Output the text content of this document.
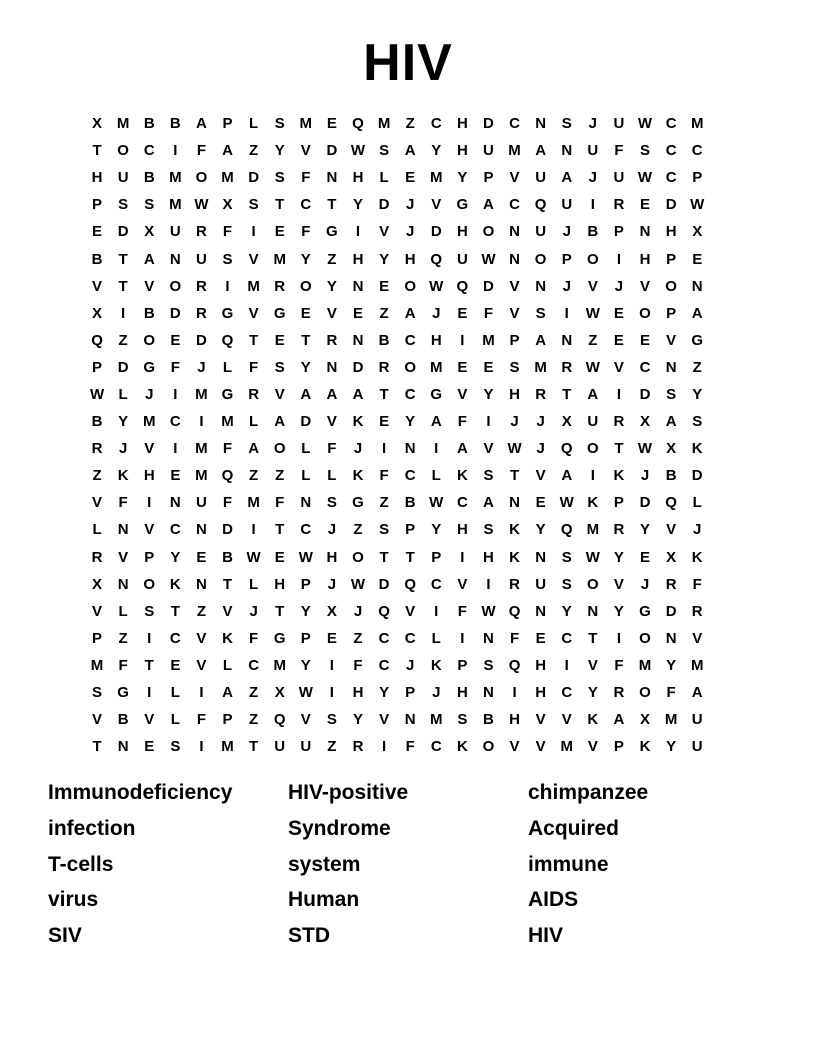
HIV
X M B	B	A	P	L	S M E	Q M	Z	C	H	D	C	N	S	J	U W C M
T	O C	I	F	A	Z	Y	V	D W S	A	Y	H	U M A	N	U	F	S	C	C
H	U	B M O M D	S	F	N	H	L	E M Y	P	V	U	A	J	U W C	P
P	S	S M W X	S	T	C	T	Y	D	J	V	G A	C Q U	I	R	E	D W
E	D	X	U	R	F	I	E	F	G	I	V	J	D	H O N	U	J	B	P	N	H	X
B	T	A	N	U	S	V M Y	Z	H	Y	H Q U W N O	P	O	I	H	P	E
V	T	V	O R	I	M R O	Y	N	E	O W Q D	V	N	J	V	J	V	O N
X	I	B	D	R G	V	G	E	V	E	Z	A	J	E	F	V	S	I	W E	O	P	A
Q	Z	O	E	D Q	T	E	T	R	N	B	C	H	I	M P	A	N	Z	E	E	V	G
P	D G	F	J	L	F	S	Y	N	D	R O M E	E	S M R W V	C	N	Z
W L	J	I	M G R	V	A	A	A	T	C G	V	Y	H	R	T	A	I	D	S	Y
B	Y M C	I	M	L	A	D	V	K	E	Y	A	F	I	J	J	X	U	R	X	A	S
R	J	V	I	M	F	A O	L	F	J	I	N	I	A	V W J	Q O	T W X	K
Z	K	H	E M Q	Z	Z	L	L	K	F	C	L	K	S	T	V	A	I	K	J	B	D
V	F	I	N	U	F	M	F	N	S	G	Z	B W C	A	N	E W K	P	D Q	L
L	N	V	C	N	D	I	T	C	J	Z	S	P	Y	H	S	K	Y	Q M R	Y	V	J
R	V	P	Y	E	B W E W H O	T	T	P	I	H	K	N	S W Y	E	X	K
X	N O K	N	T	L	H	P	J W D Q C	V	I	R	U	S	O	V	J	R	F
V	L	S	T	Z	V	J	T	Y	X	J	Q	V	I	F W Q N	Y	N	Y	G D	R
P	Z	I	C	V	K	F	G	P	E	Z	C	C	L	I	N	F	E	C	T	I	O N	V
M	F	T	E	V	L	C M Y	I	F	C	J	K	P	S	Q H	I	V	F	M Y M
S	G	I	L	I	A	Z	X W	I	H	Y	P	J	H	N	I	H	C	Y	R O	F	A
V	B	V	L	F	P	Z	Q	V	S	Y	V	N M S	B	H	V	V	K	A	X M U
T	N	E	S	I	M	T	U	U	Z	R	I	F	C	K O	V	V M V	P	K	Y	U
Immunodeficiency	HIV-positive	chimpanzee
infection	Syndrome	Acquired
T-cells	system	immune
virus	Human	AIDS
SIV	STD	HIV
